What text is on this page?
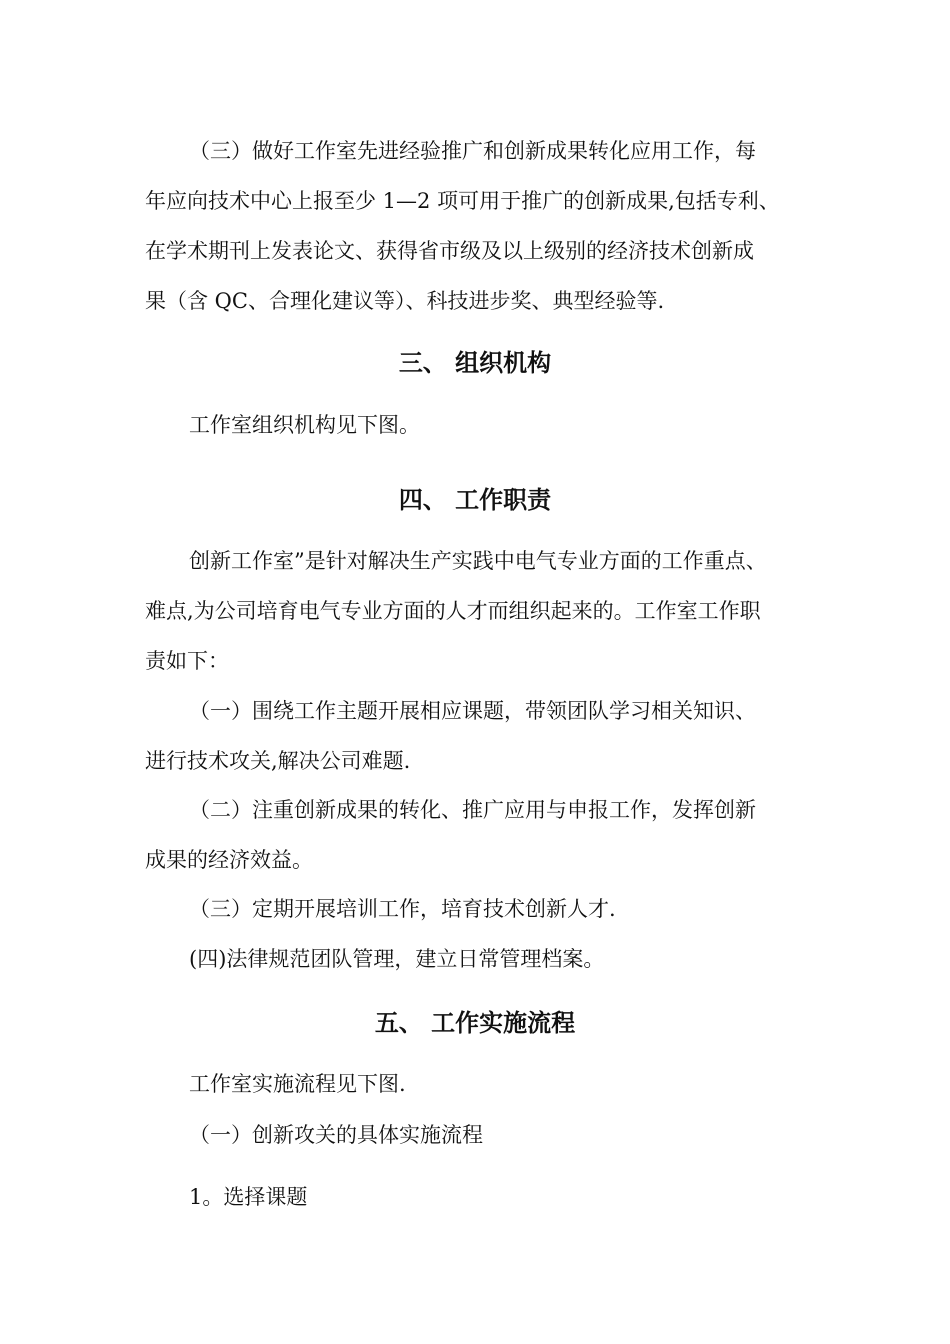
（三）做好工作室先进经验推广和创新成果转化应用工作，每

年应向技术中心上报至少 1—2 项可用于推广的创新成果,包括专利、

在学术期刊上发表论文、获得省市级及以上级别的经济技术创新成

果（含 QC、合理化建议等）、科技进步奖、典型经验等.

三、 组织机构

工作室组织机构见下图。

四、 工作职责

创新工作室”是针对解决生产实践中电气专业方面的工作重点、

难点,为公司培育电气专业方面的人才而组织起来的。工作室工作职

责如下：

（一）围绕工作主题开展相应课题，带领团队学习相关知识、

进行技术攻关,解决公司难题.

（二）注重创新成果的转化、推广应用与申报工作，发挥创新

成果的经济效益。

（三）定期开展培训工作，培育技术创新人才.

(四)法律规范团队管理，建立日常管理档案。

五、 工作实施流程

工作室实施流程见下图.

（一）创新攻关的具体实施流程

1。选择课题
